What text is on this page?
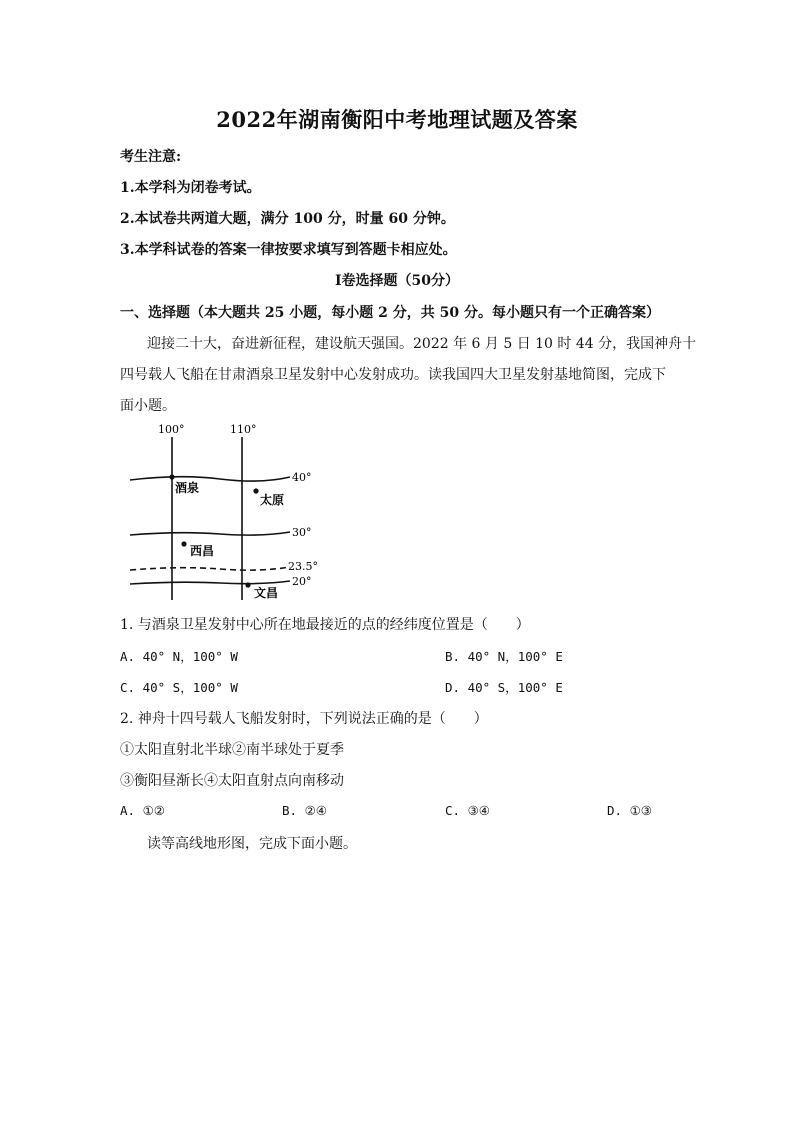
2022年湖南衡阳中考地理试题及答案
考生注意:
1.本学科为闭卷考试。
2.本试卷共两道大题，满分 100 分，时量 60 分钟。
3.本学科试卷的答案一律按要求填写到答题卡相应处。
I卷选择题（50分）
一、选择题（本大题共 25 小题，每小题 2 分，共 50 分。每小题只有一个正确答案）
迎接二十大，奋进新征程，建设航天强国。2022 年 6 月 5 日 10 时 44 分，我国神舟十
四号载人飞船在甘肃酒泉卫星发射中心发射成功。读我国四大卫星发射基地简图，完成下
面小题。
100°	110°
40°
30°
23.5°
20°
酒泉
太原
西昌
文昌
1. 与酒泉卫星发射中心所在地最接近的点的经纬度位置是（　　）
A. 40° N，100° W	B. 40° N，100° E
C. 40° S，100° W	D. 40° S，100° E
2. 神舟十四号载人飞船发射时，下列说法正确的是（　　）
①太阳直射北半球②南半球处于夏季
③衡阳昼渐长④太阳直射点向南移动
A. ①②	B. ②④	C. ③④	D. ①③
读等高线地形图，完成下面小题。
